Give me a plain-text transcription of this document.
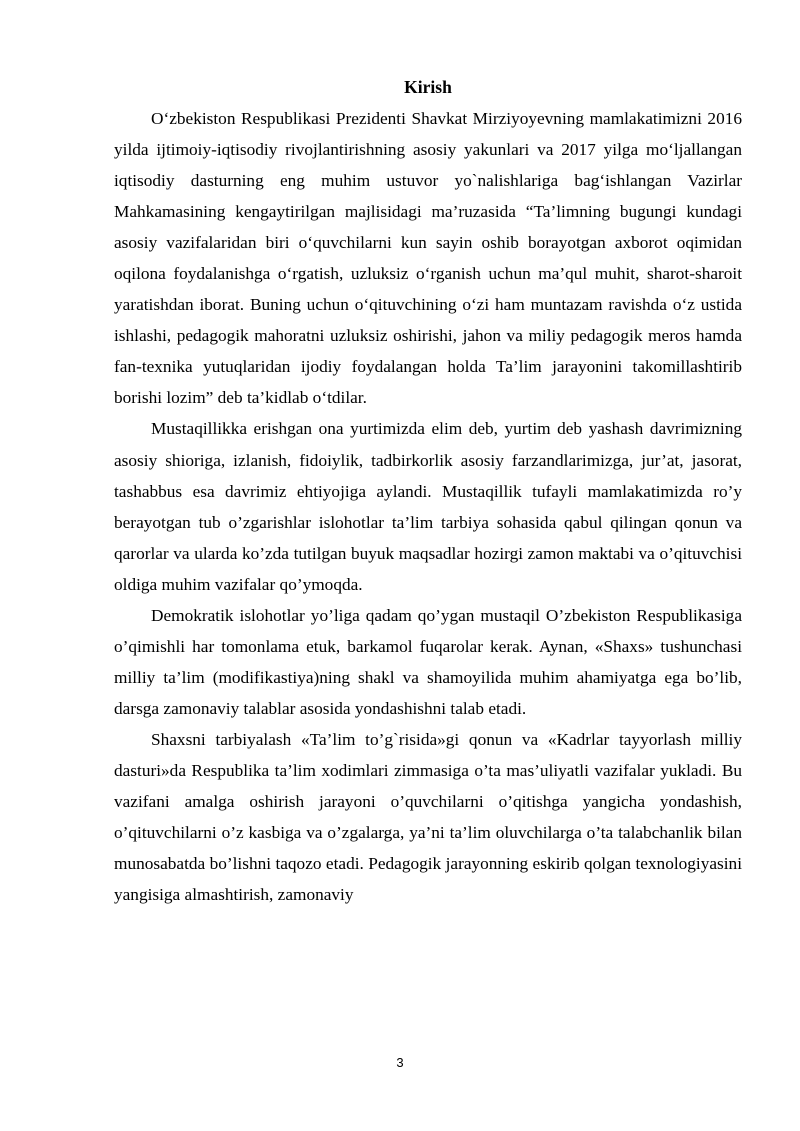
Kirish

O‘zbekiston Respublikasi Prezidenti Shavkat Mirziyoyevning mamlakatimizni 2016 yilda ijtimoiy-iqtisodiy rivojlantirishning asosiy yakunlari va 2017 yilga mo‘ljallangan iqtisodiy dasturning eng muhim ustuvor yo`nalishlariga bag‘ishlangan Vazirlar Mahkamasining kengaytirilgan majlisidagi ma’ruzasida “Ta’limning bugungi kundagi asosiy vazifalaridan biri o‘quvchilarni kun sayin oshib borayotgan axborot oqimidan oqilona foydalanishga o‘rgatish, uzluksiz o‘rganish uchun ma’qul muhit, sharot-sharoit yaratishdan iborat. Buning uchun o‘qituvchining o‘zi ham muntazam ravishda o‘z ustida ishlashi, pedagogik mahoratni uzluksiz oshirishi, jahon va miliy pedagogik meros hamda fan-texnika yutuqlaridan ijodiy foydalangan holda Ta’lim jarayonini takomillashtirib borishi lozim” deb ta’kidlab o‘tdilar.

Mustaqillikka erishgan ona yurtimizda elim deb, yurtim deb yashash davrimizning asosiy shioriga, izlanish, fidoiylik, tadbirkorlik asosiy farzandlarimizga, jur’at, jasorat, tashabbus esa davrimiz ehtiyojiga aylandi. Mustaqillik tufayli mamlakatimizda ro’y berayotgan tub o’zgarishlar islohotlar ta’lim tarbiya sohasida qabul qilingan qonun va qarorlar va ularda ko’zda tutilgan buyuk maqsadlar hozirgi zamon maktabi va o’qituvchisi oldiga muhim vazifalar qo’ymoqda.

Demokratik islohotlar yo’liga qadam qo’ygan mustaqil O’zbekiston Respublikasiga o’qimishli har tomonlama etuk, barkamol fuqarolar kerak. Aynan, «Shaxs» tushunchasi milliy ta’lim (modifikastiya)ning shakl va shamoyilida muhim ahamiyatga ega bo’lib, darsga zamonaviy talablar asosida yondashishni talab etadi.

Shaxsni tarbiyalash «Ta’lim to’g`risida»gi qonun va «Kadrlar tayyorlash milliy dasturi»da Respublika ta’lim xodimlari zimmasiga o’ta mas’uliyatli vazifalar yukladi. Bu vazifani amalga oshirish jarayoni o’quvchilarni o’qitishga yangicha yondashish, o’qituvchilarni o’z kasbiga va o’zgalarga, ya’ni ta’lim oluvchilarga o’ta talabchanlik bilan munosabatda bo’lishni taqozo etadi. Pedagogik jarayonning eskirib qolgan texnologiyasini yangisiga almashtirish, zamonaviy

3
